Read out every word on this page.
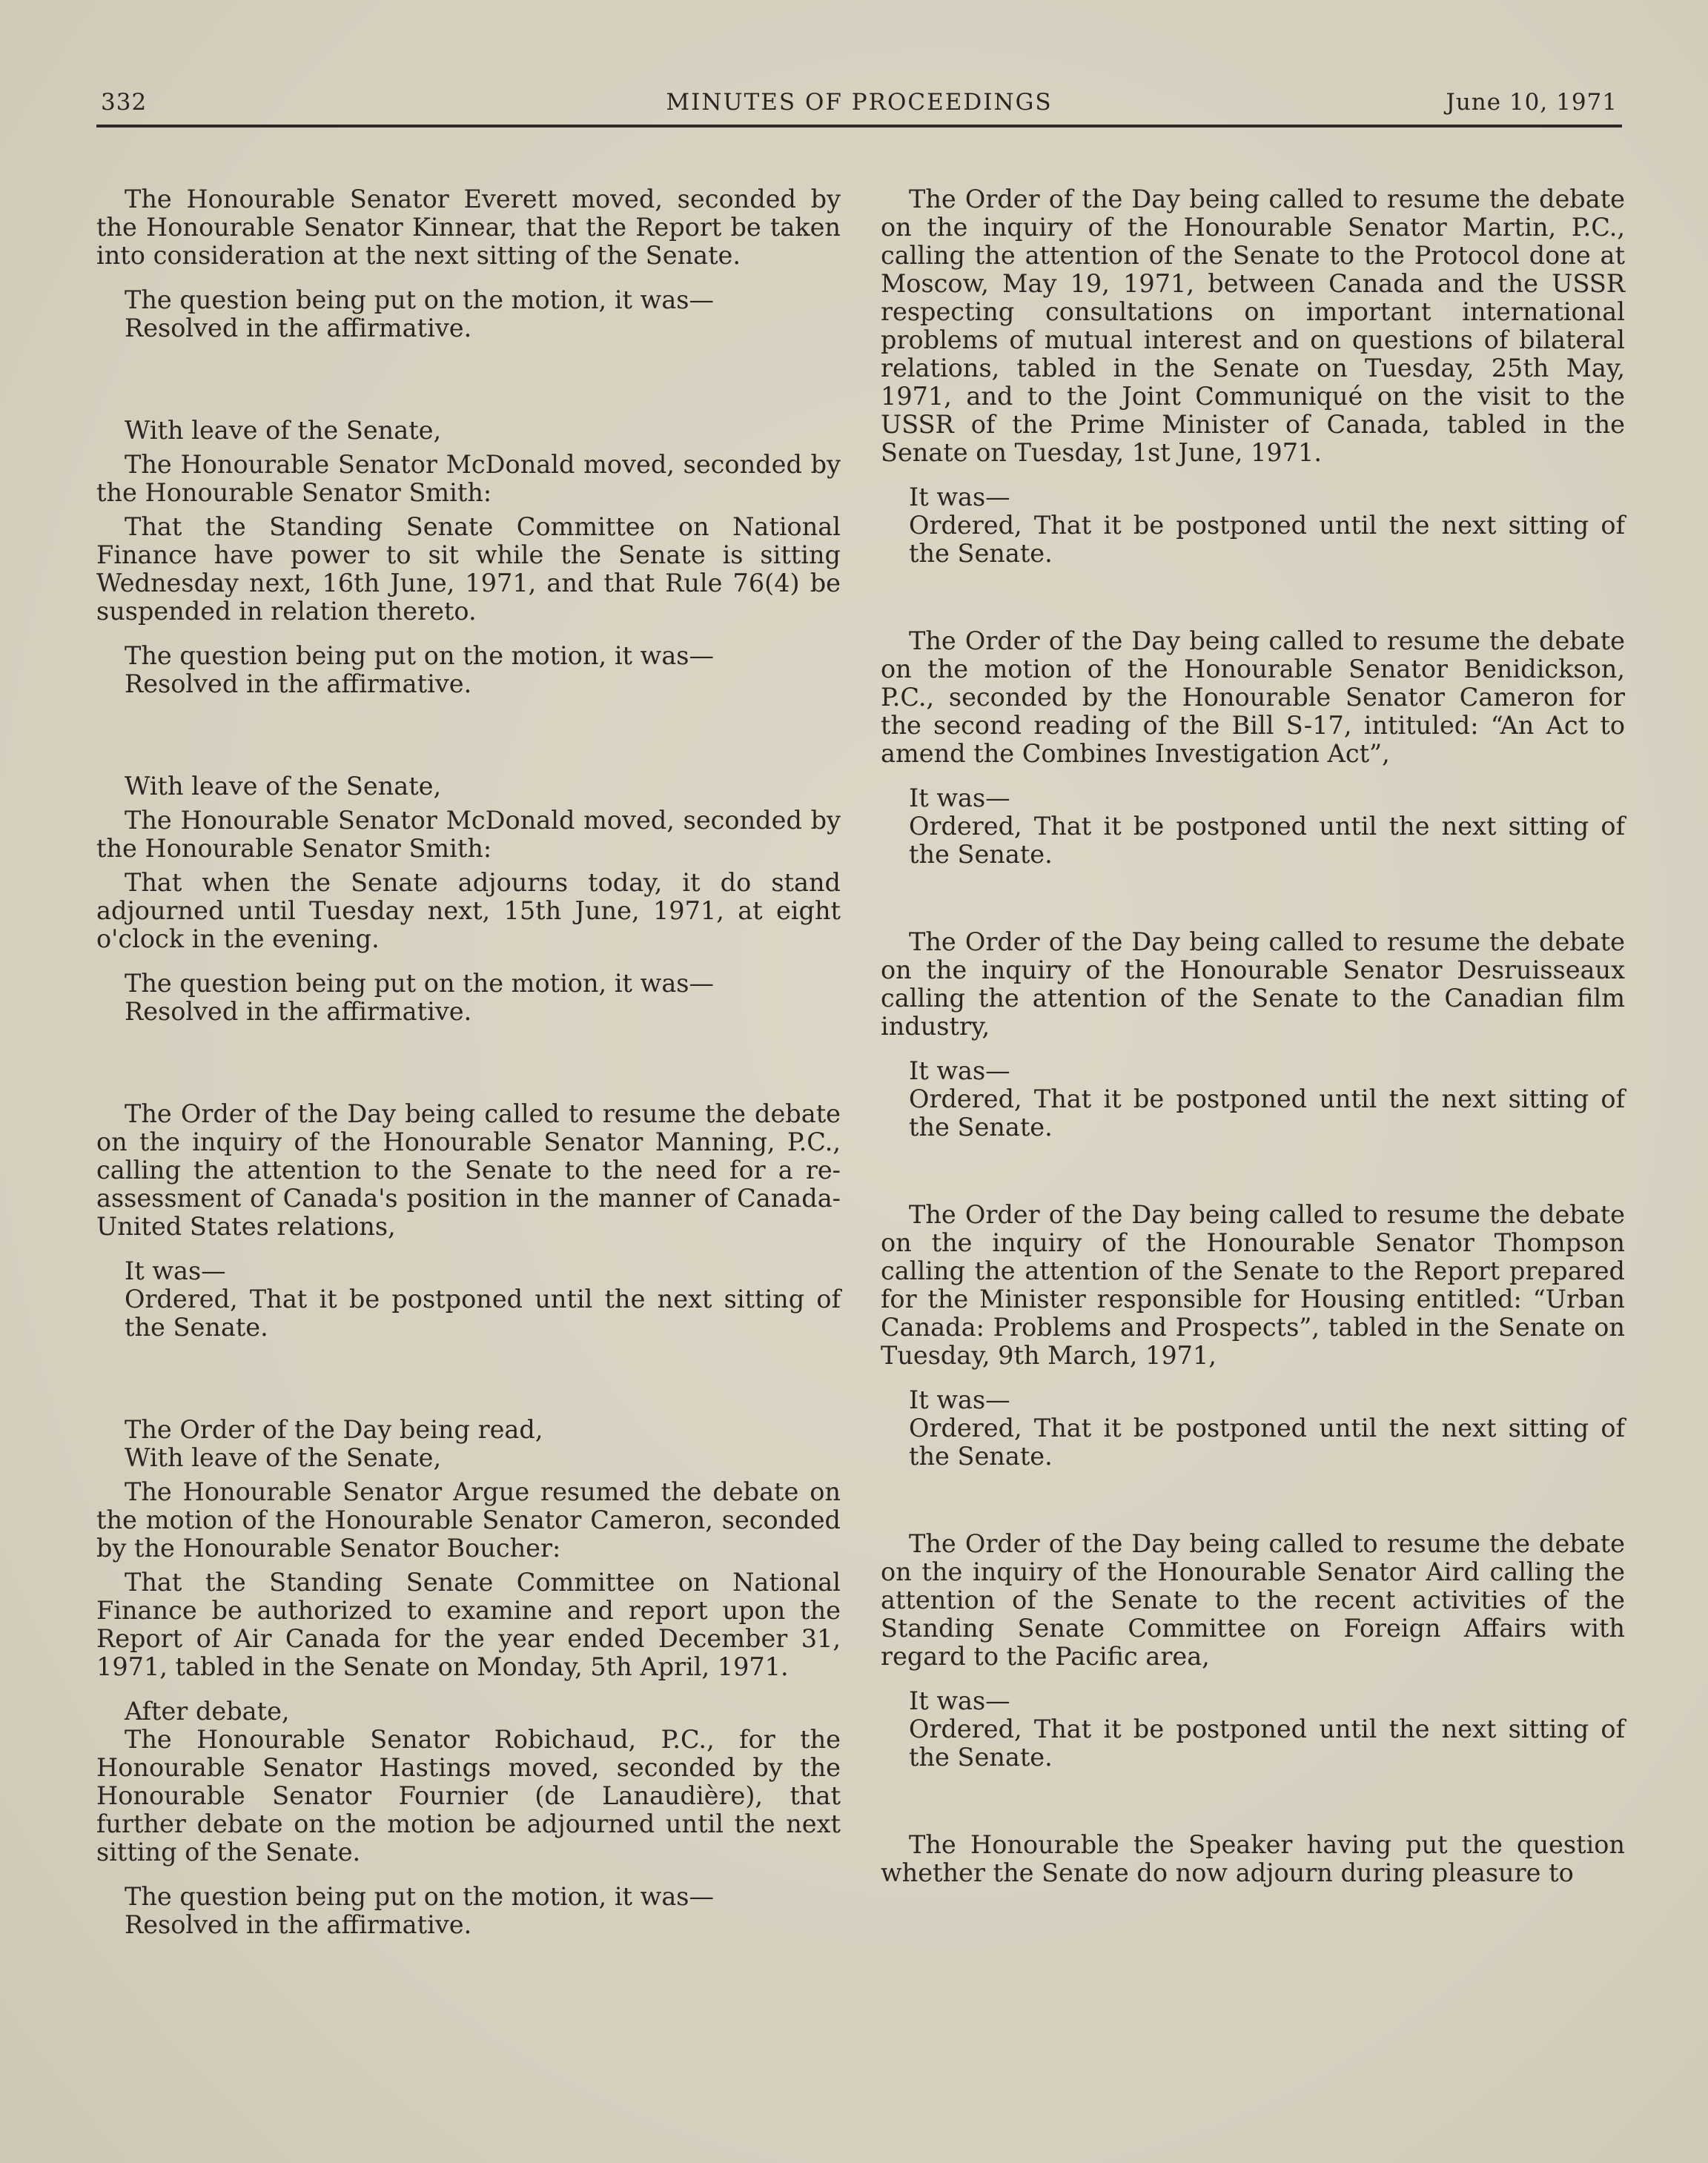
332	MINUTES OF PROCEEDINGS	June 10, 1971

The Honourable Senator Everett moved, seconded by the Honourable Senator Kinnear, that the Report be taken into consideration at the next sitting of the Senate.

The question being put on the motion, it was—

Resolved in the affirmative.

With leave of the Senate,

The Honourable Senator McDonald moved, seconded by the Honourable Senator Smith:

That the Standing Senate Committee on National Finance have power to sit while the Senate is sitting Wednesday next, 16th June, 1971, and that Rule 76(4) be suspended in relation thereto.

The question being put on the motion, it was—

Resolved in the affirmative.

With leave of the Senate,

The Honourable Senator McDonald moved, seconded by the Honourable Senator Smith:

That when the Senate adjourns today, it do stand adjourned until Tuesday next, 15th June, 1971, at eight o'clock in the evening.

The question being put on the motion, it was—

Resolved in the affirmative.

The Order of the Day being called to resume the debate on the inquiry of the Honourable Senator Manning, P.C., calling the attention to the Senate to the need for a re-assessment of Canada's position in the manner of Canada-United States relations,

It was—

Ordered, That it be postponed until the next sitting of the Senate.

The Order of the Day being read,

With leave of the Senate,

The Honourable Senator Argue resumed the debate on the motion of the Honourable Senator Cameron, seconded by the Honourable Senator Boucher:

That the Standing Senate Committee on National Finance be authorized to examine and report upon the Report of Air Canada for the year ended December 31, 1971, tabled in the Senate on Monday, 5th April, 1971.

After debate,

The Honourable Senator Robichaud, P.C., for the Honourable Senator Hastings moved, seconded by the Honourable Senator Fournier (de Lanaudière), that further debate on the motion be adjourned until the next sitting of the Senate.

The question being put on the motion, it was—

Resolved in the affirmative.

The Order of the Day being called to resume the debate on the inquiry of the Honourable Senator Martin, P.C., calling the attention of the Senate to the Protocol done at Moscow, May 19, 1971, between Canada and the USSR respecting consultations on important international problems of mutual interest and on questions of bilateral relations, tabled in the Senate on Tuesday, 25th May, 1971, and to the Joint Communiqué on the visit to the USSR of the Prime Minister of Canada, tabled in the Senate on Tuesday, 1st June, 1971.

It was—

Ordered, That it be postponed until the next sitting of the Senate.

The Order of the Day being called to resume the debate on the motion of the Honourable Senator Benidickson, P.C., seconded by the Honourable Senator Cameron for the second reading of the Bill S-17, intituled: “An Act to amend the Combines Investigation Act”,

It was—

Ordered, That it be postponed until the next sitting of the Senate.

The Order of the Day being called to resume the debate on the inquiry of the Honourable Senator Desruisseaux calling the attention of the Senate to the Canadian film industry,

It was—

Ordered, That it be postponed until the next sitting of the Senate.

The Order of the Day being called to resume the debate on the inquiry of the Honourable Senator Thompson calling the attention of the Senate to the Report prepared for the Minister responsible for Housing entitled: “Urban Canada: Problems and Prospects”, tabled in the Senate on Tuesday, 9th March, 1971,

It was—

Ordered, That it be postponed until the next sitting of the Senate.

The Order of the Day being called to resume the debate on the inquiry of the Honourable Senator Aird calling the attention of the Senate to the recent activities of the Standing Senate Committee on Foreign Affairs with regard to the Pacific area,

It was—

Ordered, That it be postponed until the next sitting of the Senate.

The Honourable the Speaker having put the question whether the Senate do now adjourn during pleasure to
